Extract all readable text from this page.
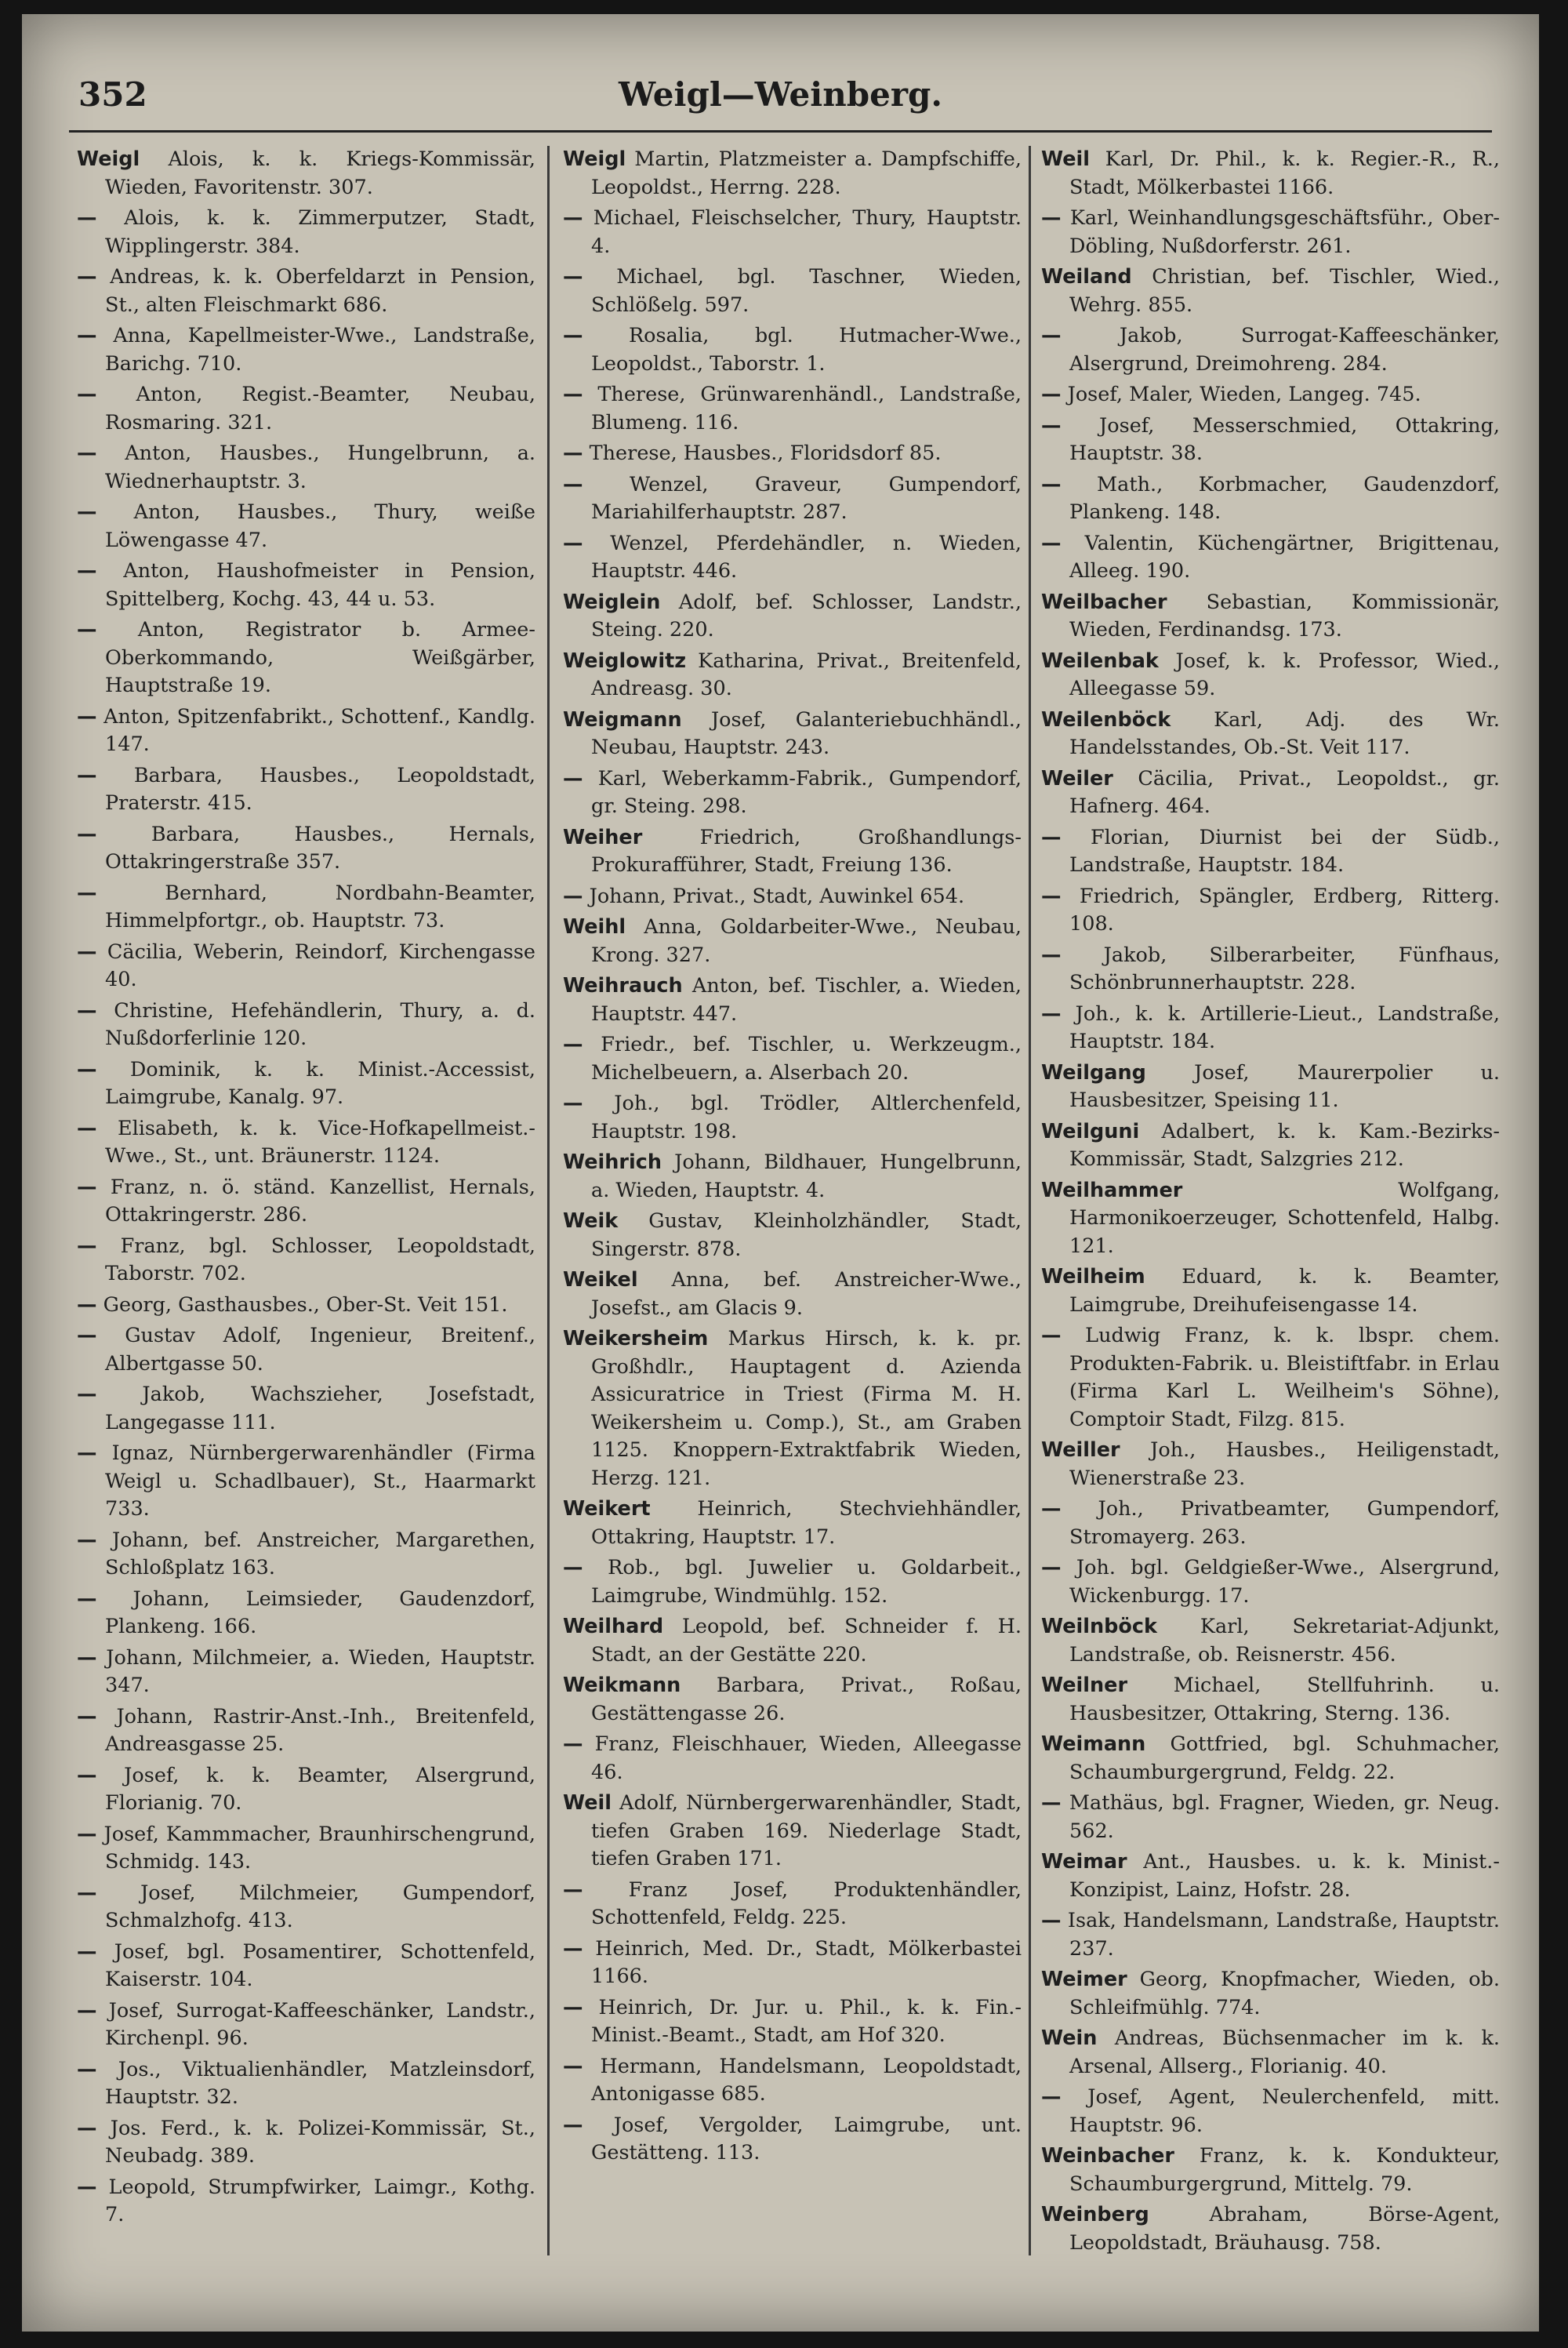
352	Weigl—Weinberg.
Weigl Alois, k. k. Kriegs-Kommissär, Wieden, Favoritenstr. 307.
— Alois, k. k. Zimmerputzer, Stadt, Wipplingerstr. 384.
— Andreas, k. k. Oberfeldarzt in Pension, St., alten Fleischmarkt 686.
— Anna, Kapellmeister-Wwe., Landstraße, Barichg. 710.
— Anton, Regist.-Beamter, Neubau, Rosmaring. 321.
— Anton, Hausbes., Hungelbrunn, a. Wiednerhauptstr. 3.
— Anton, Hausbes., Thury, weiße Löwengasse 47.
— Anton, Haushofmeister in Pension, Spittelberg, Kochg. 43, 44 u. 53.
— Anton, Registrator b. Armee-Oberkommando, Weißgärber, Hauptstraße 19.
— Anton, Spitzenfabrikt., Schottenf., Kandlg. 147.
— Barbara, Hausbes., Leopoldstadt, Praterstr. 415.
—	Barbara, Hausbes., Hernals, Ottakringerstraße 357.
—	Bernhard, Nordbahn-Beamter, Himmelpfortgr., ob. Hauptstr. 73.
— Cäcilia, Weberin, Reindorf, Kirchengasse 40.
— Christine, Hefehändlerin, Thury, a. d. Nußdorferlinie 120.
— Dominik, k. k. Minist.-Accessist, Laimgrube, Kanalg. 97.
— Elisabeth, k. k. Vice-Hofkapellmeist.-Wwe., St., unt. Bräunerstr. 1124.
— Franz, n. ö. ständ. Kanzellist, Hernals, Ottakringerstr. 286.
— Franz, bgl. Schlosser, Leopoldstadt, Taborstr. 702.
— Georg, Gasthausbes., Ober-St. Veit 151.
— Gustav Adolf, Ingenieur, Breitenf., Albertgasse 50.
— Jakob, Wachszieher, Josefstadt, Langegasse 111.
— Ignaz, Nürnbergerwarenhändler (Firma Weigl u. Schadlbauer), St., Haarmarkt 733.
— Johann, bef. Anstreicher, Margarethen, Schloßplatz 163.
— Johann, Leimsieder, Gaudenzdorf, Plankeng. 166.
— Johann, Milchmeier, a. Wieden, Hauptstr. 347.
— Johann, Rastrir-Anst.-Inh., Breitenfeld, Andreasgasse 25.
— Josef, k. k. Beamter, Alsergrund, Florianig. 70.
— Josef, Kammmacher, Braunhirschengrund, Schmidg. 143.
— Josef, Milchmeier, Gumpendorf, Schmalzhofg. 413.
— Josef, bgl. Posamentirer, Schottenfeld, Kaiserstr. 104.
— Josef, Surrogat-Kaffeeschänker, Landstr., Kirchenpl. 96.
— Jos., Viktualienhändler, Matzleinsdorf, Hauptstr. 32.
— Jos. Ferd., k. k. Polizei-Kommissär, St., Neubadg. 389.
— Leopold, Strumpfwirker, Laimgr., Kothg. 7.
Weigl Martin, Platzmeister a. Dampfschiffe, Leopoldst., Herrng. 228.
— Michael, Fleischselcher, Thury, Hauptstr. 4.
— Michael, bgl. Taschner, Wieden, Schlößelg. 597.
— Rosalia, bgl. Hutmacher-Wwe., Leopoldst., Taborstr. 1.
— Therese, Grünwarenhändl., Landstraße, Blumeng. 116.
— Therese, Hausbes., Floridsdorf 85.
— Wenzel, Graveur, Gumpendorf, Mariahilferhauptstr. 287.
— Wenzel, Pferdehändler, n. Wieden, Hauptstr. 446.
Weiglein Adolf, bef. Schlosser, Landstr., Steing. 220.
Weiglowitz Katharina, Privat., Breitenfeld, Andreasg. 30.
Weigmann Josef, Galanteriebuchhändl., Neubau, Hauptstr. 243.
— Karl, Weberkamm-Fabrik., Gumpendorf, gr. Steing. 298.
Weiher	Friedrich, Großhandlungs-Prokurafführer, Stadt, Freiung 136.
— Johann, Privat., Stadt, Auwinkel 654.
Weihl Anna, Goldarbeiter-Wwe., Neubau, Krong. 327.
Weihrauch Anton, bef. Tischler, a. Wieden, Hauptstr. 447.
— Friedr., bef. Tischler, u. Werkzeugm., Michelbeuern, a. Alserbach 20.
— Joh., bgl. Trödler, Altlerchenfeld, Hauptstr. 198.
Weihrich Johann, Bildhauer, Hungelbrunn, a. Wieden, Hauptstr. 4.
Weik Gustav, Kleinholzhändler, Stadt, Singerstr. 878.
Weikel Anna, bef. Anstreicher-Wwe., Josefst., am Glacis 9.
Weikersheim Markus Hirsch, k. k. pr. Großhdlr., Hauptagent d. Azienda Assicuratrice in Triest (Firma M. H. Weikersheim u. Comp.), St., am Graben 1125. Knoppern-Extraktfabrik Wieden, Herzg. 121.
Weikert Heinrich, Stechviehhändler, Ottakring, Hauptstr. 17.
— Rob., bgl. Juwelier u. Goldarbeit., Laimgrube, Windmühlg. 152.
Weilhard Leopold, bef. Schneider f. H. Stadt, an der Gestätte 220.
Weikmann Barbara, Privat., Roßau, Gestättengasse 26.
— Franz, Fleischhauer, Wieden, Alleegasse 46.
Weil Adolf, Nürnbergerwarenhändler, Stadt, tiefen Graben 169. Niederlage Stadt, tiefen Graben 171.
— Franz Josef, Produktenhändler, Schottenfeld, Feldg. 225.
— Heinrich, Med. Dr., Stadt, Mölkerbastei 1166.
— Heinrich, Dr. Jur. u. Phil., k. k. Fin.-Minist.-Beamt., Stadt, am Hof 320.
— Hermann, Handelsmann, Leopoldstadt, Antonigasse 685.
— Josef, Vergolder, Laimgrube, unt. Gestätteng. 113.
Weil Karl, Dr. Phil., k. k. Regier.-R., R., Stadt, Mölkerbastei 1166.
— Karl, Weinhandlungsgeschäftsführ., Ober-Döbling, Nußdorferstr. 261.
Weiland Christian, bef. Tischler, Wied., Wehrg. 855.
—	Jakob, Surrogat-Kaffeeschänker, Alsergrund, Dreimohreng. 284.
— Josef, Maler, Wieden, Langeg. 745.
— Josef, Messerschmied, Ottakring, Hauptstr. 38.
— Math., Korbmacher, Gaudenzdorf, Plankeng. 148.
— Valentin, Küchengärtner, Brigittenau, Alleeg. 190.
Weilbacher Sebastian, Kommissionär, Wieden, Ferdinandsg. 173.
Weilenbak Josef, k. k. Professor, Wied., Alleegasse 59.
Weilenböck Karl, Adj. des Wr. Handelsstandes, Ob.-St. Veit 117.
Weiler Cäcilia, Privat., Leopoldst., gr. Hafnerg. 464.
— Florian, Diurnist bei der Südb., Landstraße, Hauptstr. 184.
— Friedrich, Spängler, Erdberg, Ritterg. 108.
— Jakob, Silberarbeiter, Fünfhaus, Schönbrunnerhauptstr. 228.
— Joh., k. k. Artillerie-Lieut., Landstraße, Hauptstr. 184.
Weilgang Josef, Maurerpolier u. Hausbesitzer, Speising 11.
Weilguni Adalbert, k. k. Kam.-Bezirks-Kommissär, Stadt, Salzgries 212.
Weilhammer	Wolfgang, Harmonikoerzeuger, Schottenfeld, Halbg. 121.
Weilheim Eduard, k. k. Beamter, Laimgrube, Dreihufeisengasse 14.
— Ludwig Franz, k. k. lbspr. chem. Produkten-Fabrik. u. Bleistiftfabr. in Erlau (Firma Karl L. Weilheim's Söhne), Comptoir Stadt, Filzg. 815.
Weiller Joh., Hausbes., Heiligenstadt, Wienerstraße 23.
— Joh., Privatbeamter, Gumpendorf, Stromayerg. 263.
— Joh. bgl. Geldgießer-Wwe., Alsergrund, Wickenburgg. 17.
Weilnböck Karl, Sekretariat-Adjunkt, Landstraße, ob. Reisnerstr. 456.
Weilner Michael, Stellfuhrinh. u. Hausbesitzer, Ottakring, Sterng. 136.
Weimann Gottfried, bgl. Schuhmacher, Schaumburgergrund, Feldg. 22.
— Mathäus, bgl. Fragner, Wieden, gr. Neug. 562.
Weimar Ant., Hausbes. u. k. k. Minist.-Konzipist, Lainz, Hofstr. 28.
— Isak, Handelsmann, Landstraße, Hauptstr. 237.
Weimer Georg, Knopfmacher, Wieden, ob. Schleifmühlg. 774.
Wein Andreas, Büchsenmacher im k. k. Arsenal, Allserg., Florianig. 40.
— Josef, Agent, Neulerchenfeld, mitt. Hauptstr. 96.
Weinbacher Franz, k. k. Kondukteur, Schaumburgergrund, Mittelg. 79.
Weinberg	Abraham, Börse-Agent, Leopoldstadt, Bräuhausg. 758.
